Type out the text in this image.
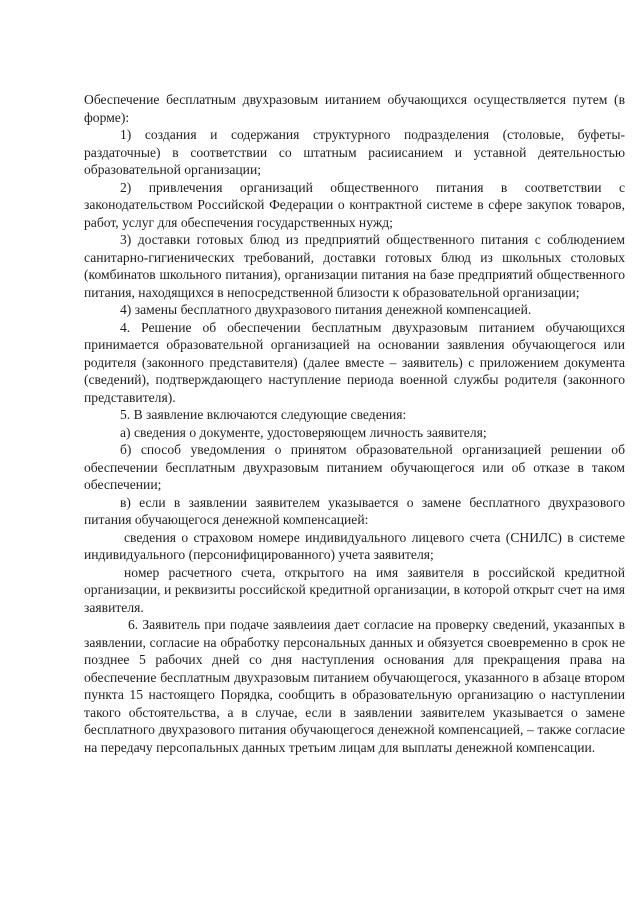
Обеспечение бесплатным двухразовым иитанием обучающихся осуществляется путем (в форме):

1) создания и содержания структурного подразделения (столовые, буфеты-раздаточные) в соответствии со штатным расиисанием и уставной деятельностью образовательной организации;

2) привлечения организаций общественного питания в соответствии с законодательством Российской Федерации о контрактной системе в сфере закупок товаров, работ, услуг для обеспечения государственных нужд;

3) доставки готовых блюд из предприятий общественного питания с соблюдением санитарно-гигиенических требований, доставки готовых блюд из школьных столовых (комбинатов школьного питания), организации питания на базе предприятий общественного питания, находящихся в непосредственной близости к образовательной организации;

4) замены бесплатного двухразового питания денежной компенсацией.

4. Решение об обеспечении бесплатным двухразовым питанием обучающихся принимается образовательной организацией на основании заявления обучающегося или родителя (законного представителя) (далее вместе – заявитель) с приложением документа (сведений), подтверждающего наступление периода военной службы родителя (законного представителя).

5. В заявление включаются следующие сведения:

а) сведения о документе, удостоверяющем личность заявителя;

б) способ уведомления о принятом образовательной организацией решении об обеспечении бесплатным двухразовым питанием обучающегося или об отказе в таком обеспечении;

в) если в заявлении заявителем указывается о замене бесплатного двухразового питания обучающегося денежной компенсацией:

сведения о страховом номере индивидуального лицевого счета (СНИЛС) в системе индивидуального (персонифицированного) учета заявителя;

номер расчетного счета, открытого на имя заявителя в российской кредитной организации, и реквизиты российской кредитной организации, в которой открыт счет на имя заявителя.

6. Заявитель при подаче заявлеиия дает согласие на проверку сведений, указанпых в заявлении, согласие на обработку персональных данных и обязуется своевременно в срок не позднее 5 рабочих дней со дня наступления основания для прекращения права на обеспечение бесплатным двухразовым питанием обучающегося, указанного в абзаце втором пункта 15 настоящего Порядка, сообщить в образовательную организацию о наступлении такого обстоятельства, а в случае, если в заявлении заявителем указывается о замене бесплатного двухразового питания обучающегося денежной компенсацией, – также согласие на передачу персопальных данных третьим лицам для выплаты денежной компенсации.
